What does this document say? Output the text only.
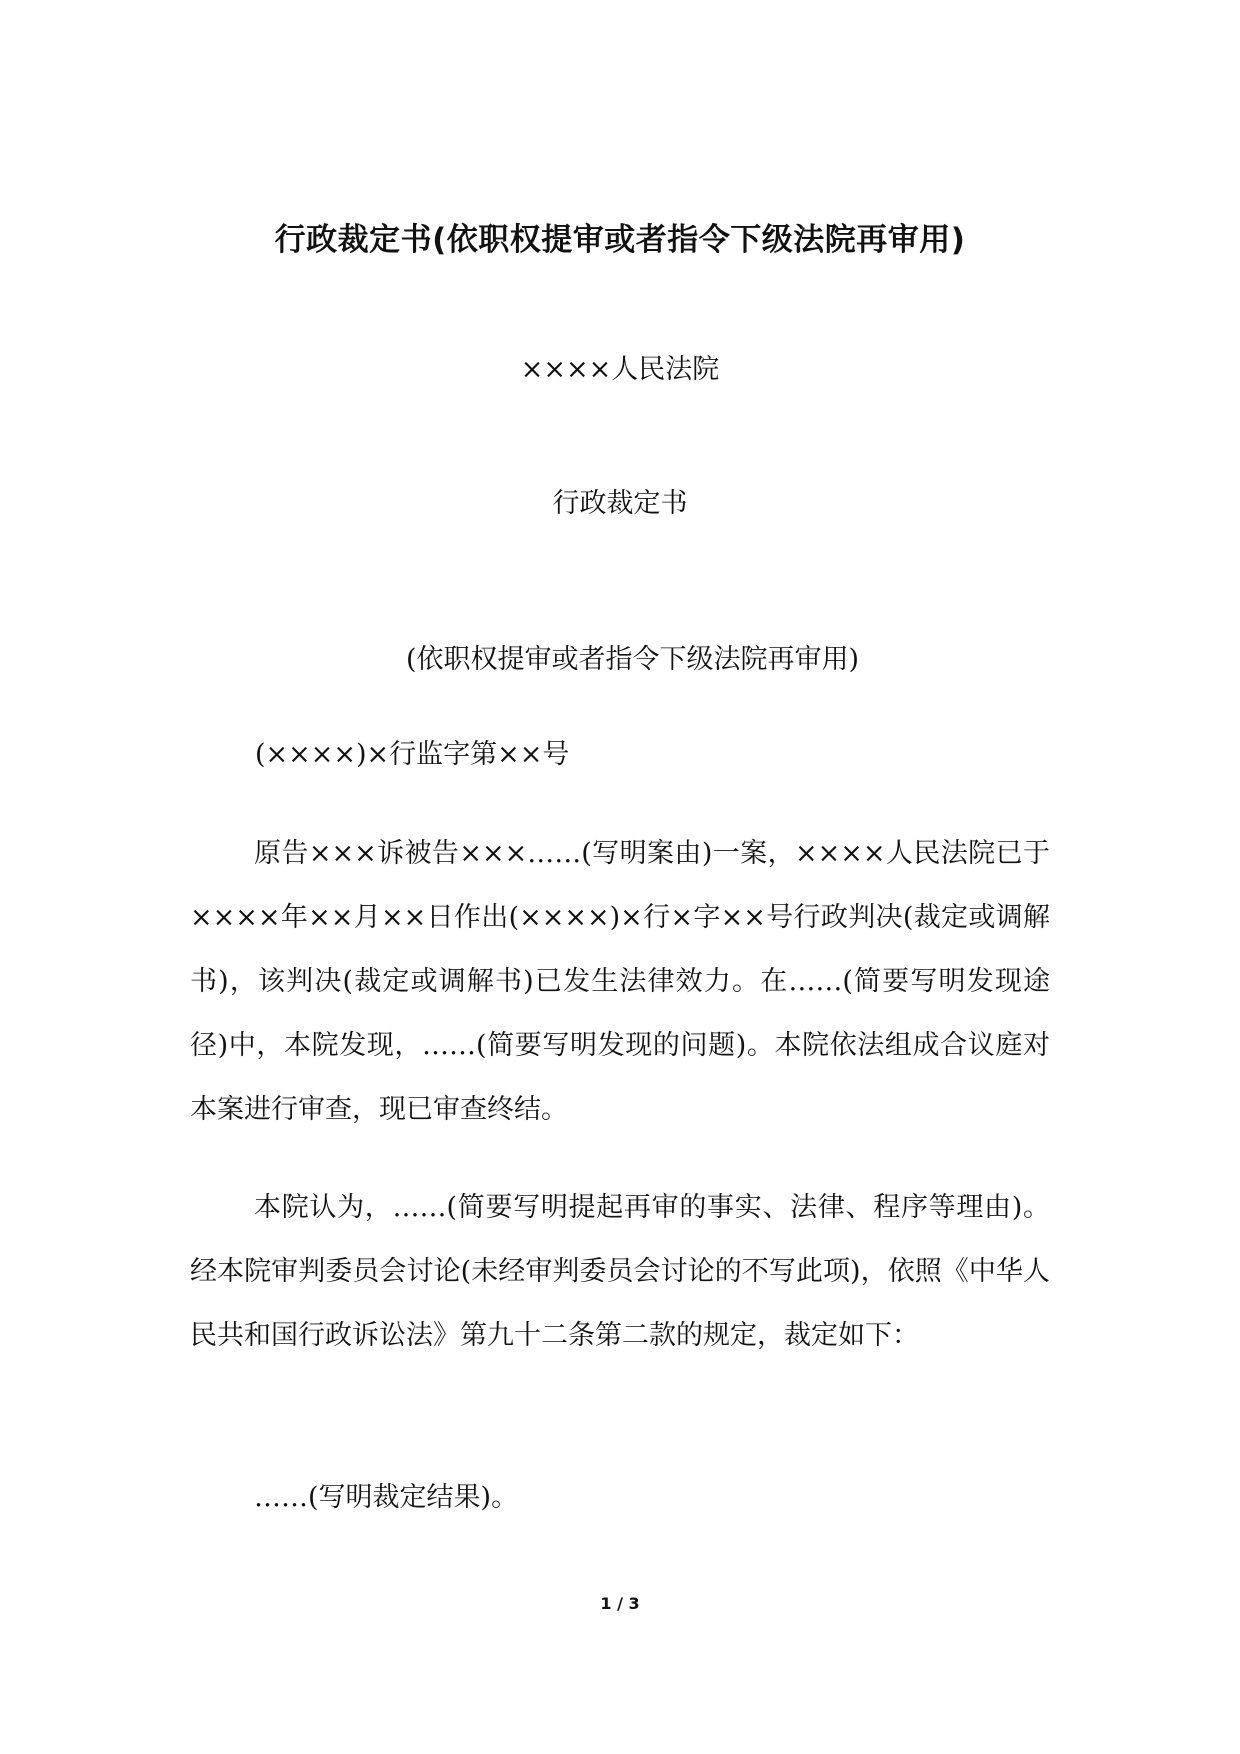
行政裁定书(依职权提审或者指令下级法院再审用)
××××人民法院
行政裁定书
(依职权提审或者指令下级法院再审用)
(××××)×行监字第××号

原告×××诉被告×××……(写明案由)一案，××××人民法院已于××××年××月××日作出(××××)×行×字××号行政判决(裁定或调解书)，该判决(裁定或调解书)已发生法律效力。在……(简要写明发现途径)中，本院发现，……(简要写明发现的问题)。本院依法组成合议庭对本案进行审查，现已审查终结。

本院认为，……(简要写明提起再审的事实、法律、程序等理由)。经本院审判委员会讨论(未经审判委员会讨论的不写此项)，依照《中华人民共和国行政诉讼法》第九十二条第二款的规定，裁定如下：

……(写明裁定结果)。

1 / 3
